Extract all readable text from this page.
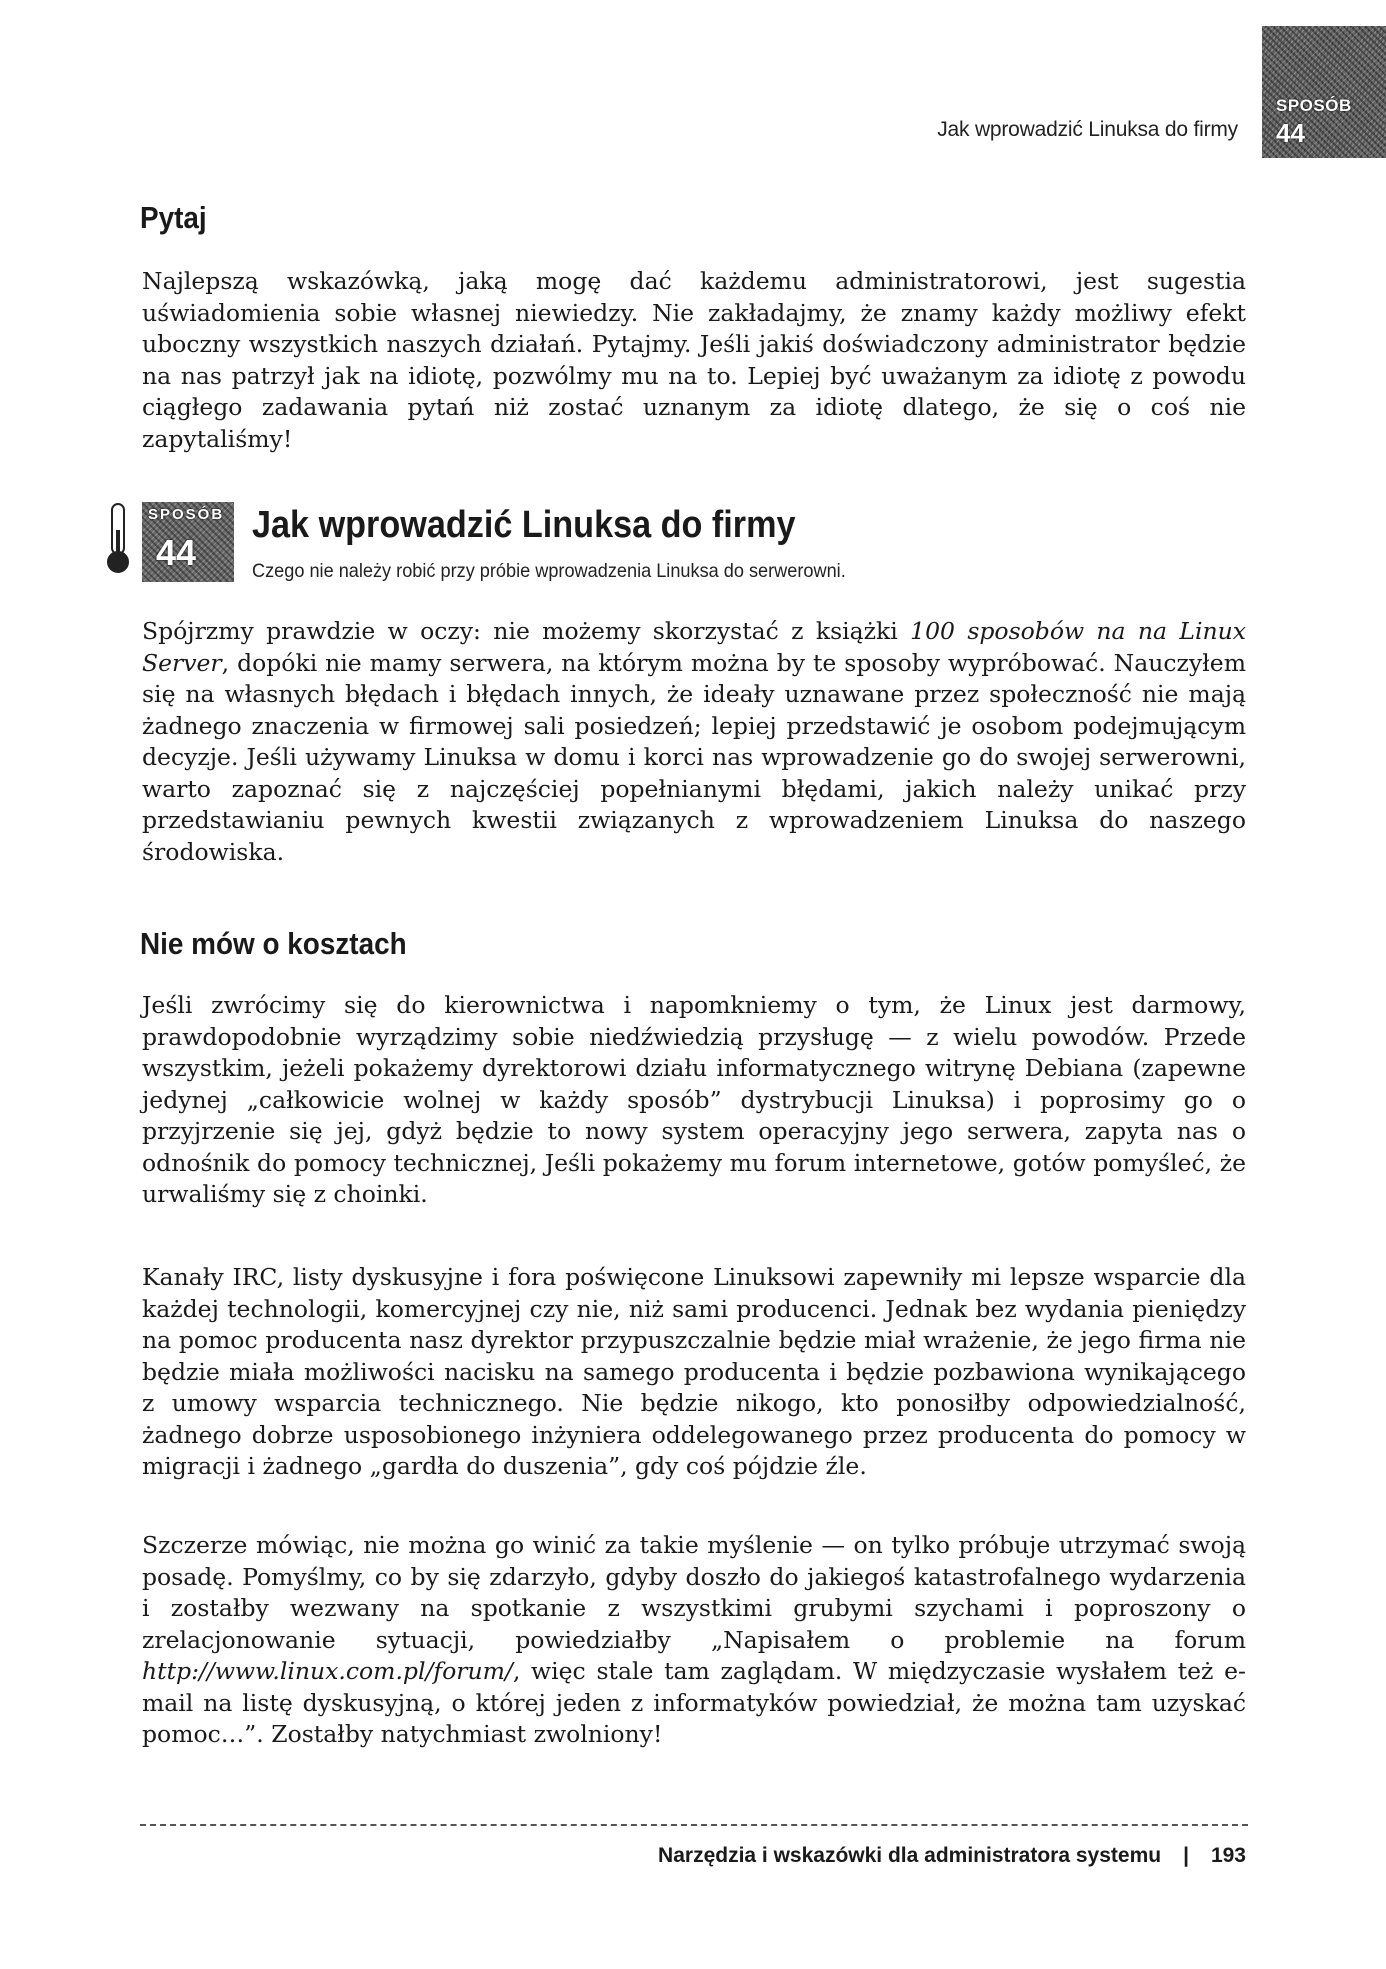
Jak wprowadzić Linuksa do firmy
SPOSÓB
44
Pytaj

Najlepszą wskazówką, jaką mogę dać każdemu administratorowi, jest sugestia uświadomienia sobie własnej niewiedzy. Nie zakładajmy, że znamy każdy możliwy efekt uboczny wszystkich naszych działań. Pytajmy. Jeśli jakiś doświadczony administrator będzie na nas patrzył jak na idiotę, pozwólmy mu na to. Lepiej być uważanym za idiotę z powodu ciągłego zadawania pytań niż zostać uznanym za idiotę dlatego, że się o coś nie zapytaliśmy!

SPOSÓB
44
Jak wprowadzić Linuksa do firmy
Czego nie należy robić przy próbie wprowadzenia Linuksa do serwerowni.

Spójrzmy prawdzie w oczy: nie możemy skorzystać z książki 100 sposobów na na Linux Server, dopóki nie mamy serwera, na którym można by te sposoby wypróbować. Nauczyłem się na własnych błędach i błędach innych, że ideały uznawane przez społeczność nie mają żadnego znaczenia w firmowej sali posiedzeń; lepiej przedstawić je osobom podejmującym decyzje. Jeśli używamy Linuksa w domu i korci nas wprowadzenie go do swojej serwerowni, warto zapoznać się z najczęściej popełnianymi błędami, jakich należy unikać przy przedstawianiu pewnych kwestii związanych z wprowadzeniem Linuksa do naszego środowiska.

Nie mów o kosztach

Jeśli zwrócimy się do kierownictwa i napomkniemy o tym, że Linux jest darmowy, prawdopodobnie wyrządzimy sobie niedźwiedzią przysługę — z wielu powodów. Przede wszystkim, jeżeli pokażemy dyrektorowi działu informatycznego witrynę Debiana (zapewne jedynej „całkowicie wolnej w każdy sposób” dystrybucji Linuksa) i poprosimy go o przyjrzenie się jej, gdyż będzie to nowy system operacyjny jego serwera, zapyta nas o odnośnik do pomocy technicznej, Jeśli pokażemy mu forum internetowe, gotów pomyśleć, że urwaliśmy się z choinki.

Kanały IRC, listy dyskusyjne i fora poświęcone Linuksowi zapewniły mi lepsze wsparcie dla każdej technologii, komercyjnej czy nie, niż sami producenci. Jednak bez wydania pieniędzy na pomoc producenta nasz dyrektor przypuszczalnie będzie miał wrażenie, że jego firma nie będzie miała możliwości nacisku na samego producenta i będzie pozbawiona wynikającego z umowy wsparcia technicznego. Nie będzie nikogo, kto ponosiłby odpowiedzialność, żadnego dobrze usposobionego inżyniera oddelegowanego przez producenta do pomocy w migracji i żadnego „gardła do duszenia”, gdy coś pójdzie źle.

Szczerze mówiąc, nie można go winić za takie myślenie — on tylko próbuje utrzymać swoją posadę. Pomyślmy, co by się zdarzyło, gdyby doszło do jakiegoś katastrofalnego wydarzenia i zostałby wezwany na spotkanie z wszystkimi grubymi szychami i poproszony o zrelacjonowanie sytuacji, powiedziałby „Napisałem o problemie na forum http://www.linux.com.pl/forum/, więc stale tam zaglądam. W międzyczasie wysłałem też e-mail na listę dyskusyjną, o której jeden z informatyków powiedział, że można tam uzyskać pomoc…”. Zostałby natychmiast zwolniony!

Narzędzia i wskazówki dla administratora systemu | 193
